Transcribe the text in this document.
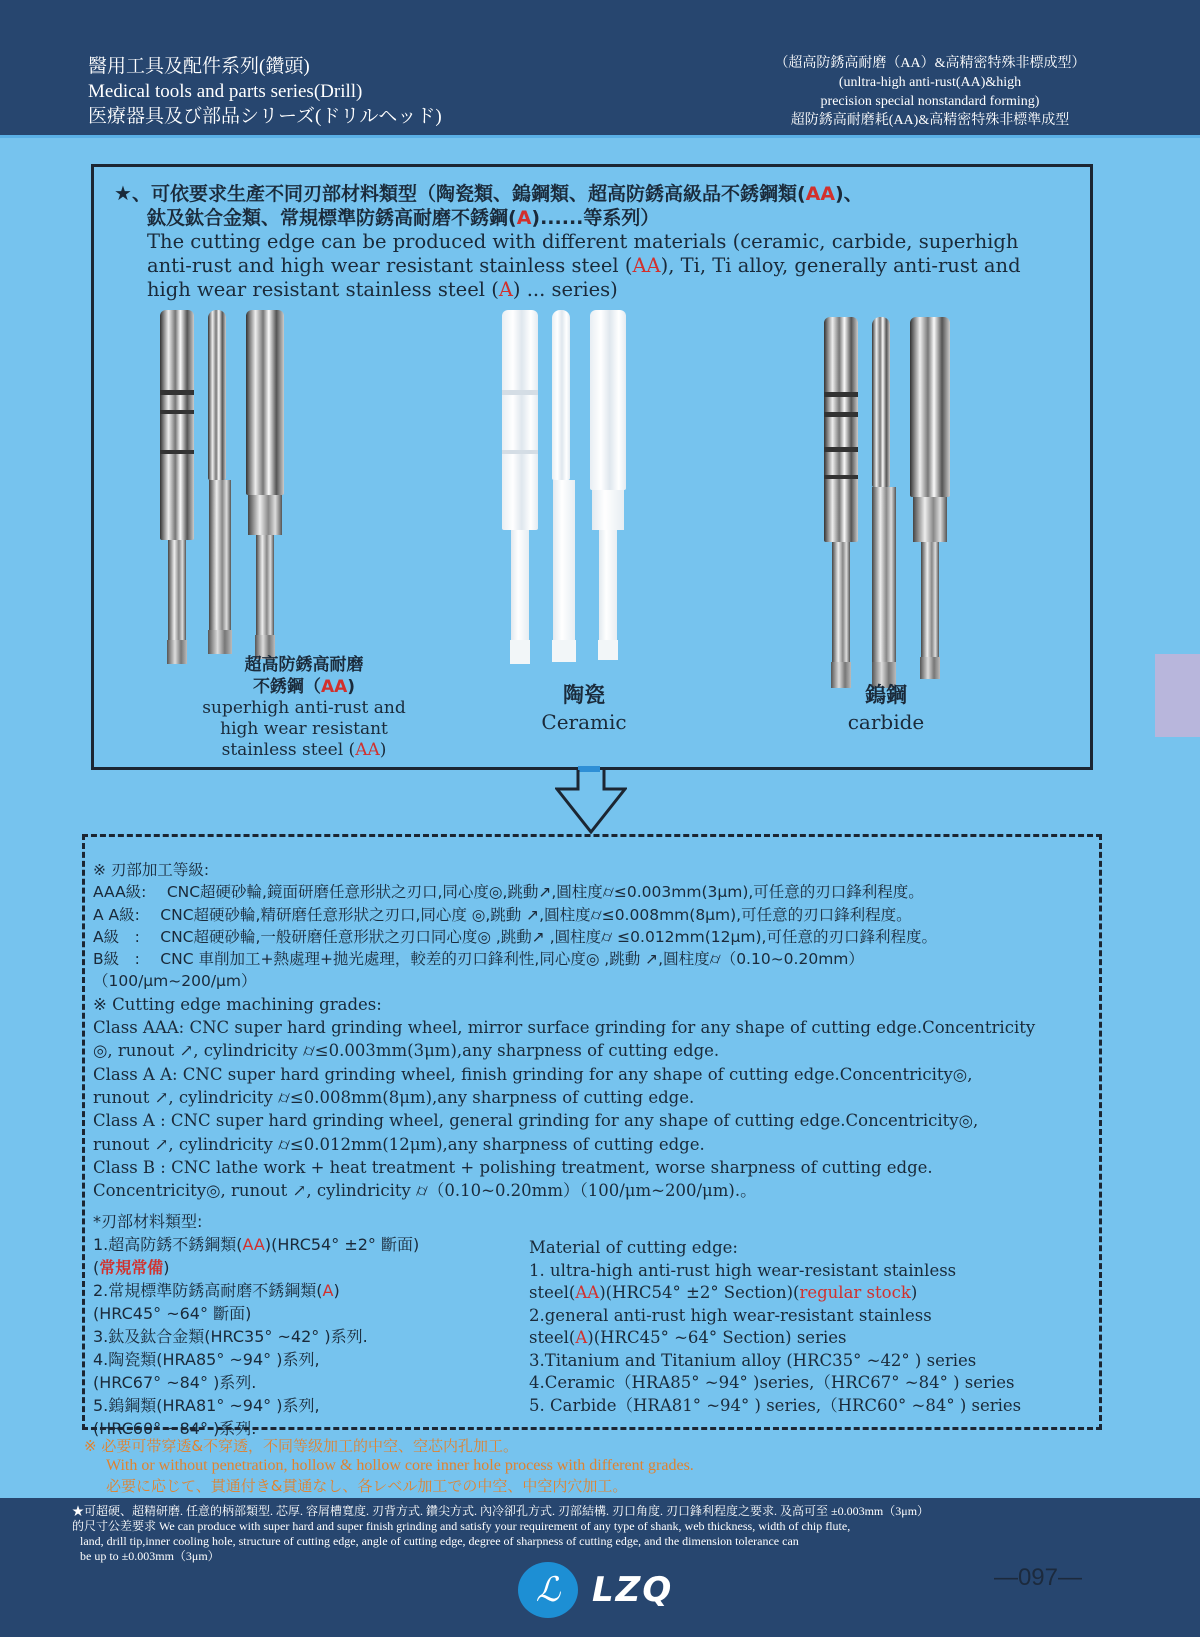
醫用工具及配件系列(鑽頭)
Medical tools and parts series(Drill)
医療器具及び部品シリーズ(ドリルヘッド)
（超高防銹高耐磨（AA）&高精密特殊非標成型）
(unltra-high anti-rust(AA)&high
precision special nonstandard forming)
超防銹高耐磨耗(AA)&高精密特殊非標準成型
★、可依要求生產不同刃部材料類型（陶瓷類、鎢鋼類、超高防銹高級品不銹鋼類(AA)、
鈦及鈦合金類、常規標準防銹高耐磨不銹鋼(A)......等系列）
The cutting edge can be produced with different materials (ceramic, carbide, superhigh
anti-rust and high wear resistant stainless steel (AA), Ti, Ti alloy, generally anti-rust and
high wear resistant stainless steel (A) ... series)
超高防銹高耐磨
不銹鋼（AA)
superhigh anti-rust and
high wear resistant
stainless steel (AA)
陶瓷
Ceramic
鎢鋼
carbide
※ 刃部加工等級:
AAA級:　 CNC超硬砂輪,鏡面研磨任意形狀之刃口,同心度◎,跳動↗,圓柱度⌭≤0.003mm(3μm),可任意的刃口鋒利程度。
A A級:　 CNC超硬砂輪,精研磨任意形狀之刃口,同心度 ◎,跳動 ↗,圓柱度⌭≤0.008mm(8μm),可任意的刃口鋒利程度。
A級　:　 CNC超硬砂輪,一般研磨任意形狀之刃口同心度◎ ,跳動↗ ,圓柱度⌭ ≤0.012mm(12μm),可任意的刃口鋒利程度。
B級　:　 CNC 車削加工+熱處理+拋光處理，較差的刃口鋒利性,同心度◎ ,跳動 ↗,圓柱度⌭（0.10~0.20mm）
（100/μm~200/μm）
※ Cutting edge machining grades:
Class AAA: CNC super hard grinding wheel, mirror surface grinding for any shape of cutting edge.Concentricity
◎, runout ↗, cylindricity ⌭≤0.003mm(3μm),any sharpness of cutting edge.
Class A A: CNC super hard grinding wheel, finish grinding for any shape of cutting edge.Concentricity◎,
runout ↗, cylindricity ⌭≤0.008mm(8μm),any sharpness of cutting edge.
Class A : CNC super hard grinding wheel, general grinding for any shape of cutting edge.Concentricity◎,
runout ↗, cylindricity ⌭≤0.012mm(12μm),any sharpness of cutting edge.
Class B : CNC lathe work + heat treatment + polishing treatment, worse sharpness of cutting edge.
Concentricity◎, runout ↗, cylindricity ⌭（0.10~0.20mm）（100/μm~200/μm).。
*刃部材料類型:
1.超高防銹不銹鋼類(AA)(HRC54° ±2° 斷面)
(常規常備)
2.常規標準防銹高耐磨不銹鋼類(A)
(HRC45° ~64° 斷面)
3.鈦及鈦合金類(HRC35° ~42° )系列.
4.陶瓷類(HRA85° ~94° )系列,
(HRC67° ~84° )系列.
5.鎢鋼類(HRA81° ~94° )系列,
(HRC60° ~84° )系列.
Material of cutting edge:
1. ultra-high anti-rust high wear-resistant stainless
steel(AA)(HRC54° ±2° Section)(regular stock)
2.general anti-rust high wear-resistant stainless
steel(A)(HRC45° ~64° Section) series
3.Titanium and Titanium alloy (HRC35° ~42° ) series
4.Ceramic（HRA85° ~94° )series,（HRC67° ~84° ) series
5. Carbide（HRA81° ~94° ) series,（HRC60° ~84° ) series
※ 必要可带穿透&不穿透，不同等级加工的中空、空芯内孔加工。
With or without penetration, hollow & hollow core inner hole process with different grades.
必要に応じて、貫通付き&貫通なし、各レベル加工での中空、中空内穴加工。
★可超硬、超精研磨. 任意的柄部類型. 芯厚. 容屑槽寬度. 刃背方式. 鑽尖方式. 內冷卻孔方式. 刃部結構. 刃口角度. 刃口鋒利程度之要求. 及高可至 ±0.003mm（3μm）
的尺寸公差要求 We can produce with super hard and super finish grinding and satisfy your requirement of any type of shank, web thickness, width of chip flute,
land, drill tip,inner cooling hole, structure of cutting edge, angle of cutting edge, degree of sharpness of cutting edge, and the dimension tolerance can
be up to ±0.003mm（3μm）
ℒ LZQ	—097—
